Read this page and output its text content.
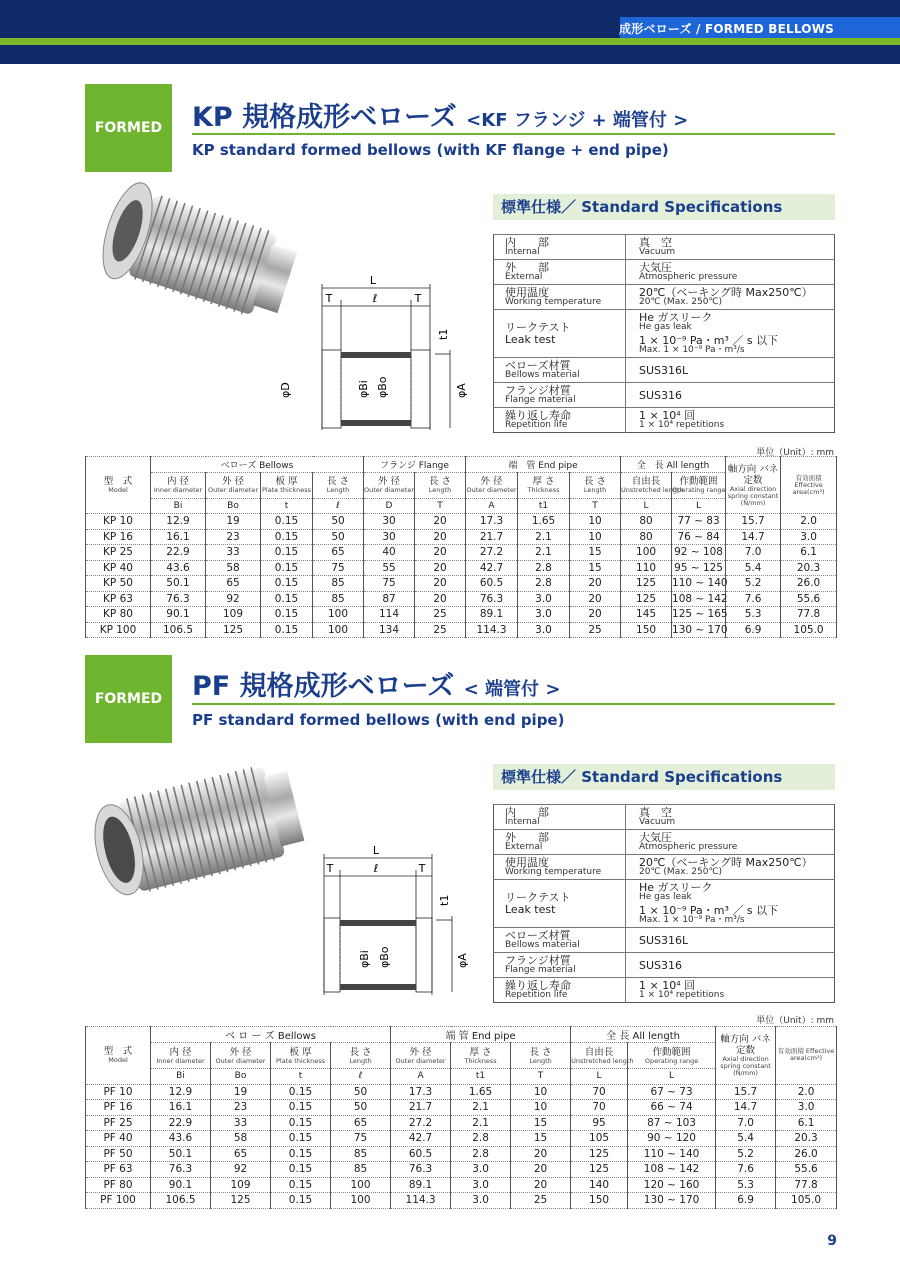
成形ベローズ / FORMED BELLOWS
FORMED	KP 規格成形ベローズ <KF フランジ + 端管付 >
KP standard formed bellows (with KF flange + end pipe)
L
T	ℓ	T
t1
φD	φBi φBo	φA
標準仕様／ Standard Specifications
内　　部
Internal	真　空
Vacuum

外　　部
External	大気圧
Atmospheric pressure

使用温度
Working temperature	20℃（ベーキング時 Max250℃）
20℃ (Max. 250℃)

リークテスト
Leak test	He ガスリーク
He gas leak
1 × 10⁻⁹ Pa・m³ ／ s 以下
Max. 1 × 10⁻⁹ Pa・m³/s

ベローズ材質
Bellows material	SUS316L

フランジ材質
Flange material	SUS316

繰り返し寿命
Repetition life	1 × 10⁴ 回
1 × 10⁴ repetitions
単位（Unit）: mm
型　式
Model	ベローズ Bellows				フランジ Flange		端　管 End pipe			全　長 All length		軸方向 バネ定数
Axial direction spring constant (N/mm)	有効面積
Effective area(cm²)

	内 径
Inner diameter	外 径
Outer diameter	板 厚
Plate thickness	長 さ
Length	外 径
Outer diameter	長 さ
Length	外 径
Outer diameter	厚 さ
Thickness	長 さ
Length	自由長
Unstretched length	作動範囲
Operating range		

	Bi	Bo	t	ℓ	D	T	A	t1	T	L	L		
KP 10	12.9	19	0.15	50	30	20	17.3	1.65	10	80	77 ~ 83	15.7	2.0
KP 16	16.1	23	0.15	50	30	20	21.7	2.1	10	80	76 ~ 84	14.7	3.0
KP 25	22.9	33	0.15	65	40	20	27.2	2.1	15	100	92 ~ 108	7.0	6.1
KP 40	43.6	58	0.15	75	55	20	42.7	2.8	15	110	95 ~ 125	5.4	20.3
KP 50	50.1	65	0.15	85	75	20	60.5	2.8	20	125	110 ~ 140	5.2	26.0
KP 63	76.3	92	0.15	85	87	20	76.3	3.0	20	125	108 ~ 142	7.6	55.6
KP 80	90.1	109	0.15	100	114	25	89.1	3.0	20	145	125 ~ 165	5.3	77.8
KP 100	106.5	125	0.15	100	134	25	114.3	3.0	25	150	130 ~ 170	6.9	105.0
FORMED	PF 規格成形ベローズ < 端管付 >
PF standard formed bellows (with end pipe)
L
T	ℓ	T
t1
φBi φBo	φA
標準仕様／ Standard Specifications
内　　部
Internal	真　空
Vacuum

外　　部
External	大気圧
Atmospheric pressure

使用温度
Working temperature	20℃（ベーキング時 Max250℃）
20℃ (Max. 250℃)

リークテスト
Leak test	He ガスリーク
He gas leak
1 × 10⁻⁹ Pa・m³ ／ s 以下
Max. 1 × 10⁻⁹ Pa・m³/s

ベローズ材質
Bellows material	SUS316L

フランジ材質
Flange material	SUS316

繰り返し寿命
Repetition life	1 × 10⁴ 回
1 × 10⁴ repetitions
単位（Unit）: mm
型　式
Model	ベ ロ ー ズ Bellows				端 管 End pipe			全 長 All length		軸方向 バネ定数
Axial direction spring constant (N/mm)	有効面積 Effective area(cm²)

	内 径
Inner diameter	外 径
Outer diameter	板 厚
Plate thickness	長 さ
Length	外 径
Outer diameter	厚 さ
Thickness	長 さ
Length	自由長
Unstretched length	作動範囲
Operating range		

	Bi	Bo	t	ℓ	A	t1	T	L	L		
PF 10	12.9	19	0.15	50	17.3	1.65	10	70	67 ~ 73	15.7	2.0
PF 16	16.1	23	0.15	50	21.7	2.1	10	70	66 ~ 74	14.7	3.0
PF 25	22.9	33	0.15	65	27.2	2.1	15	95	87 ~ 103	7.0	6.1
PF 40	43.6	58	0.15	75	42.7	2.8	15	105	90 ~ 120	5.4	20.3
PF 50	50.1	65	0.15	85	60.5	2.8	20	125	110 ~ 140	5.2	26.0
PF 63	76.3	92	0.15	85	76.3	3.0	20	125	108 ~ 142	7.6	55.6
PF 80	90.1	109	0.15	100	89.1	3.0	20	140	120 ~ 160	5.3	77.8
PF 100	106.5	125	0.15	100	114.3	3.0	25	150	130 ~ 170	6.9	105.0
9
